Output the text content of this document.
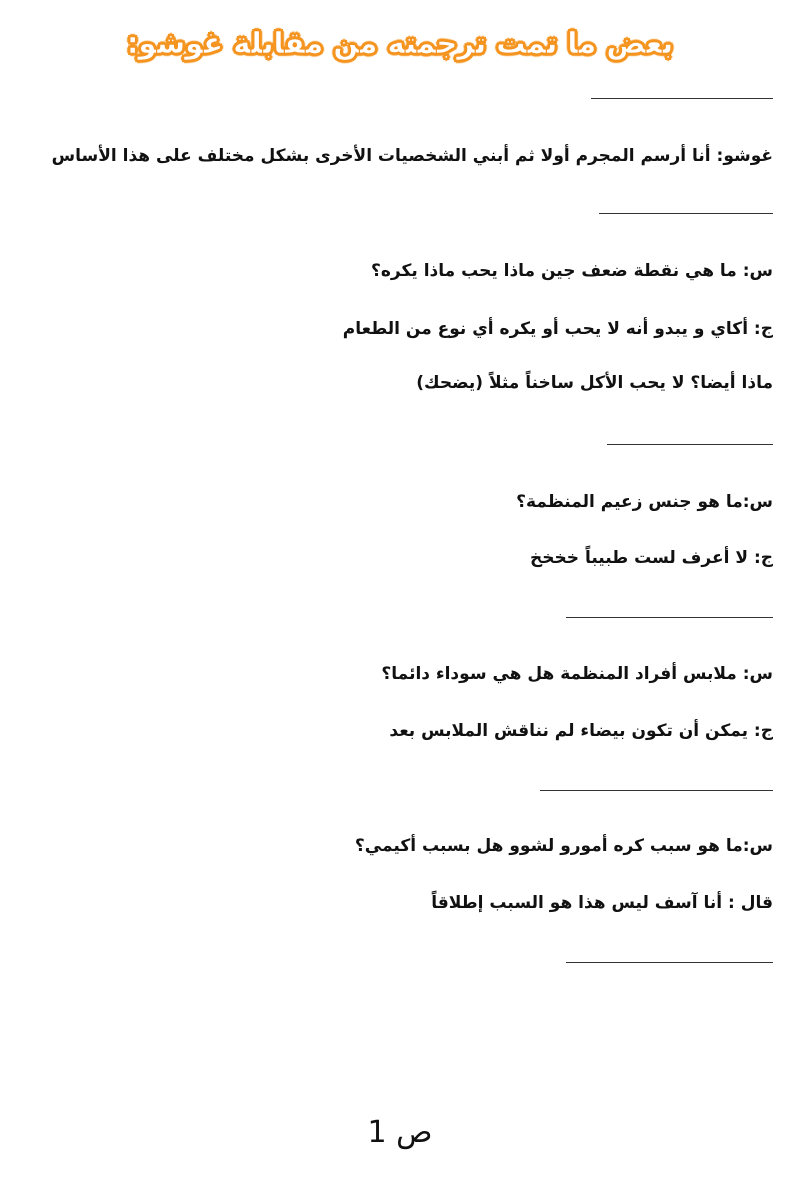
بعض ما تمت ترجمته من مقابلة غوشو:
غوشو: أنا أرسم المجرم أولا ثم أبني الشخصيات الأخرى بشكل مختلف على هذا الأساس
س: ما هي نقطة ضعف جين ماذا يحب ماذا يكره؟
ج: أكاي و يبدو أنه لا يحب أو يكره أي نوع من الطعام
ماذا أيضا؟ لا يحب الأكل ساخناً مثلاً (يضحك)
س:ما هو جنس زعيم المنظمة؟
ج: لا أعرف لست طبيباً خخخخ
س: ملابس أفراد المنظمة هل هي سوداء دائما؟
ج: يمكن أن تكون بيضاء لم نناقش الملابس بعد
س:ما هو سبب كره أمورو لشوو هل بسبب أكيمي؟
قال : أنا آسف ليس هذا هو السبب إطلاقاً
ص 1
